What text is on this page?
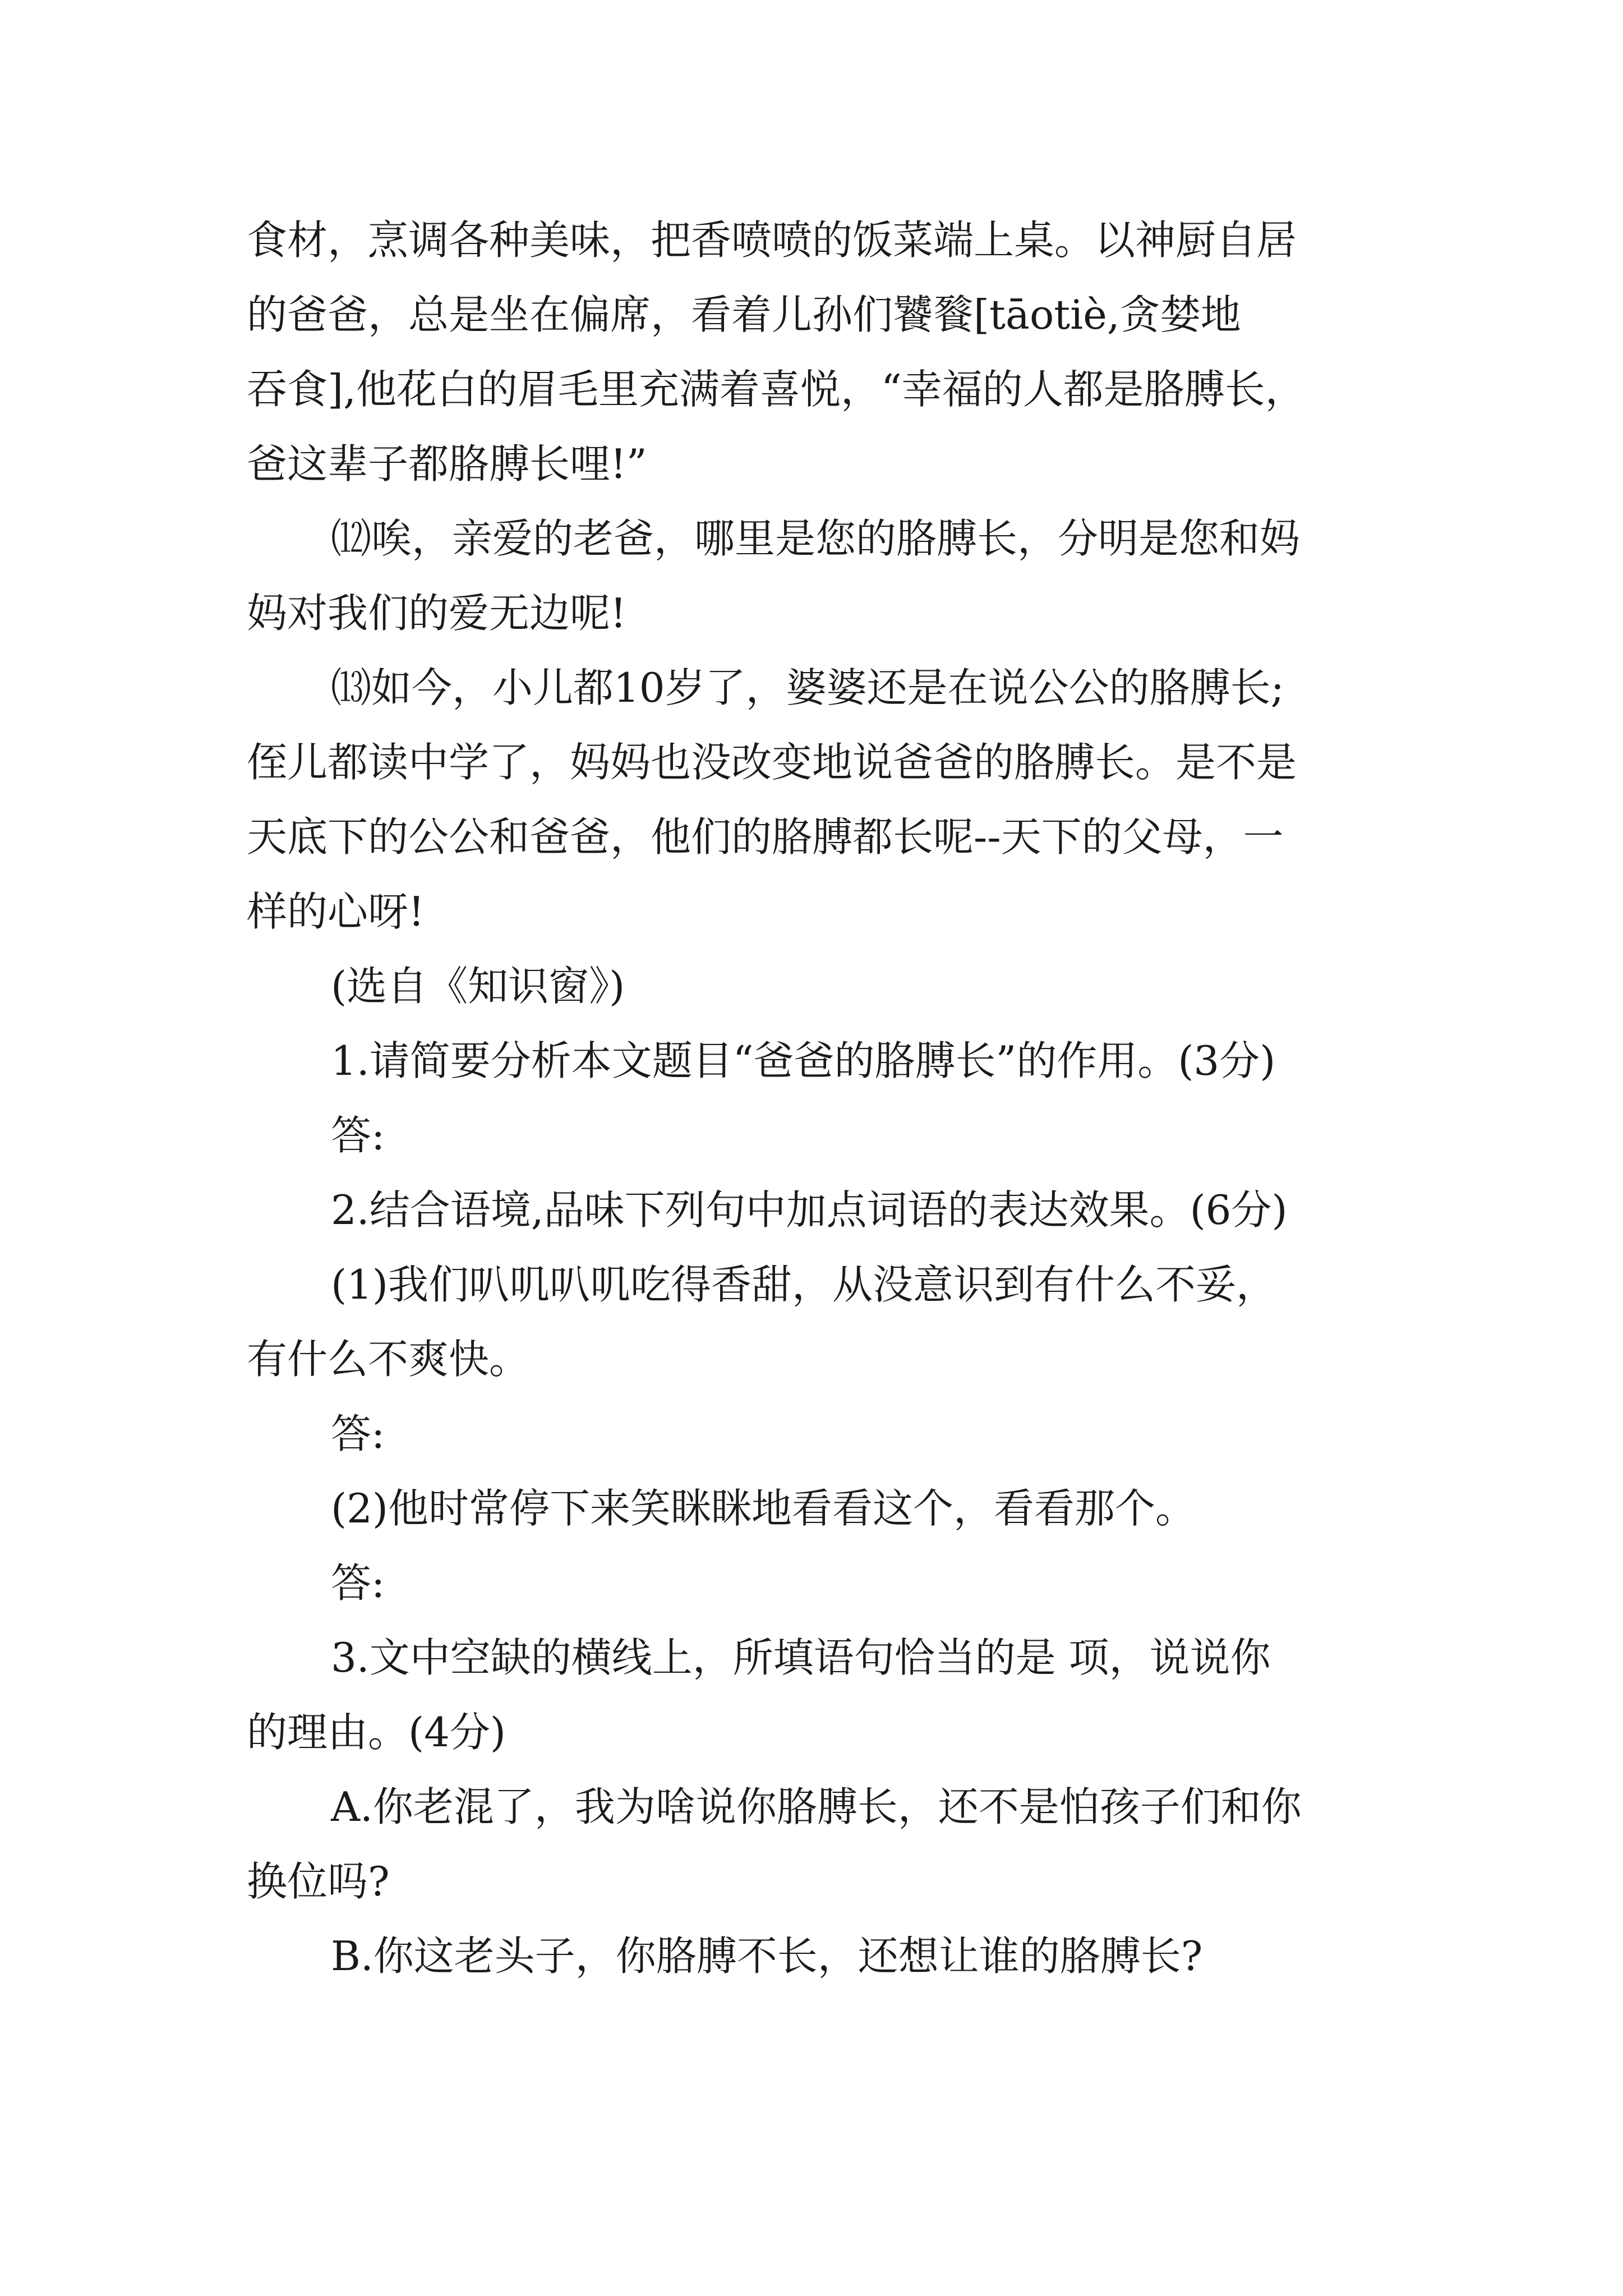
食材，烹调各种美味，把香喷喷的饭菜端上桌。以神厨自居
的爸爸，总是坐在偏席，看着儿孙们饕餮[tāotiè,贪婪地
吞食],他花白的眉毛里充满着喜悦，“幸福的人都是胳膊长，
爸这辈子都胳膊长哩!”
⑿唉，亲爱的老爸，哪里是您的胳膊长，分明是您和妈
妈对我们的爱无边呢!
⒀如今，小儿都10岁了，婆婆还是在说公公的胳膊长;
侄儿都读中学了，妈妈也没改变地说爸爸的胳膊长。是不是
天底下的公公和爸爸，他们的胳膊都长呢--天下的父母，一
样的心呀!
(选自《知识窗》)
1.请简要分析本文题目“爸爸的胳膊长”的作用。(3分)
答:
2.结合语境,品味下列句中加点词语的表达效果。(6分)
(1)我们叭叽叭叽吃得香甜，从没意识到有什么不妥，
有什么不爽快。
答:
(2)他时常停下来笑眯眯地看看这个，看看那个。
答:
3.文中空缺的横线上，所填语句恰当的是 项，说说你
的理由。(4分)
A.你老混了，我为啥说你胳膊长，还不是怕孩子们和你
换位吗?
B.你这老头子，你胳膊不长，还想让谁的胳膊长?
